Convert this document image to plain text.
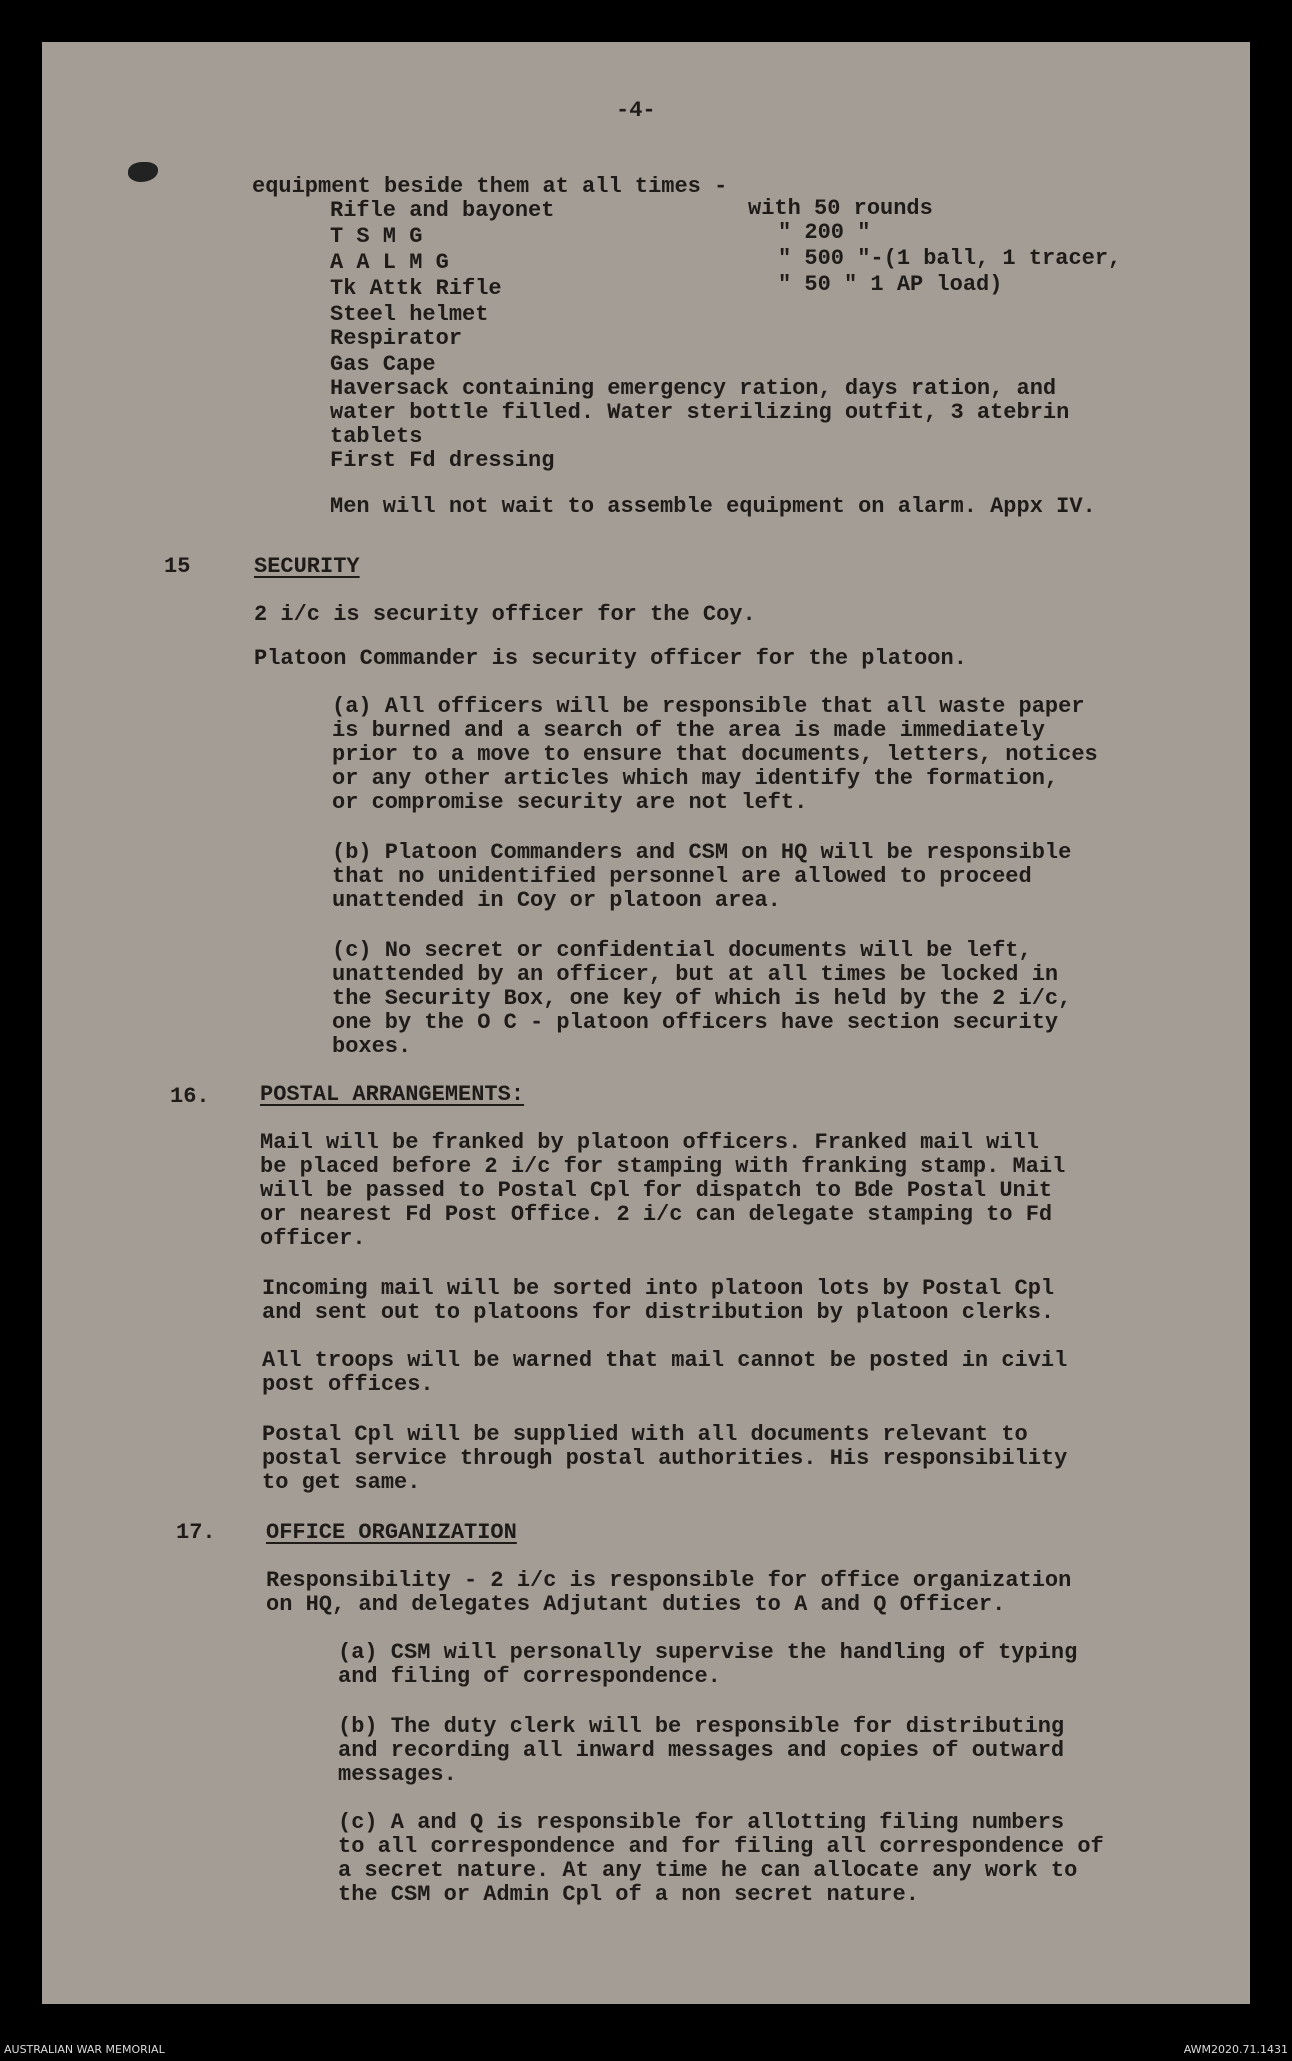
-4-
equipment beside them at all times -
Rifle and bayonet	with 50 rounds
T S M G	" 200 "
A A L M G	" 500 "-(1 ball, 1 tracer,
Tk Attk Rifle	" 50 " 1 AP load)
Steel helmet
Respirator
Gas Cape
Haversack containing emergency ration, days ration, and
water bottle filled. Water sterilizing outfit, 3 atebrin
tablets
First Fd dressing
Men will not wait to assemble equipment on alarm. Appx IV.
15	SECURITY
2 i/c is security officer for the Coy.
Platoon Commander is security officer for the platoon.
(a) All officers will be responsible that all waste paper
is burned and a search of the area is made immediately
prior to a move to ensure that documents, letters, notices
or any other articles which may identify the formation,
or compromise security are not left.
(b) Platoon Commanders and CSM on HQ will be responsible
that no unidentified personnel are allowed to proceed
unattended in Coy or platoon area.
(c) No secret or confidential documents will be left,
unattended by an officer, but at all times be locked in
the Security Box, one key of which is held by the 2 i/c,
one by the O C - platoon officers have section security
boxes.
16. POSTAL ARRANGEMENTS:
Mail will be franked by platoon officers. Franked mail will
be placed before 2 i/c for stamping with franking stamp. Mail
will be passed to Postal Cpl for dispatch to Bde Postal Unit
or nearest Fd Post Office. 2 i/c can delegate stamping to Fd
officer.
Incoming mail will be sorted into platoon lots by Postal Cpl
and sent out to platoons for distribution by platoon clerks.
All troops will be warned that mail cannot be posted in civil
post offices.
Postal Cpl will be supplied with all documents relevant to
postal service through postal authorities. His responsibility
to get same.
17. OFFICE ORGANIZATION
Responsibility - 2 i/c is responsible for office organization
on HQ, and delegates Adjutant duties to A and Q Officer.
(a) CSM will personally supervise the handling of typing
and filing of correspondence.
(b) The duty clerk will be responsible for distributing
and recording all inward messages and copies of outward
messages.
(c) A and Q is responsible for allotting filing numbers
to all correspondence and for filing all correspondence of
a secret nature. At any time he can allocate any work to
the CSM or Admin Cpl of a non secret nature.
AUSTRALIAN WAR MEMORIAL	AWM2020.71.1431
